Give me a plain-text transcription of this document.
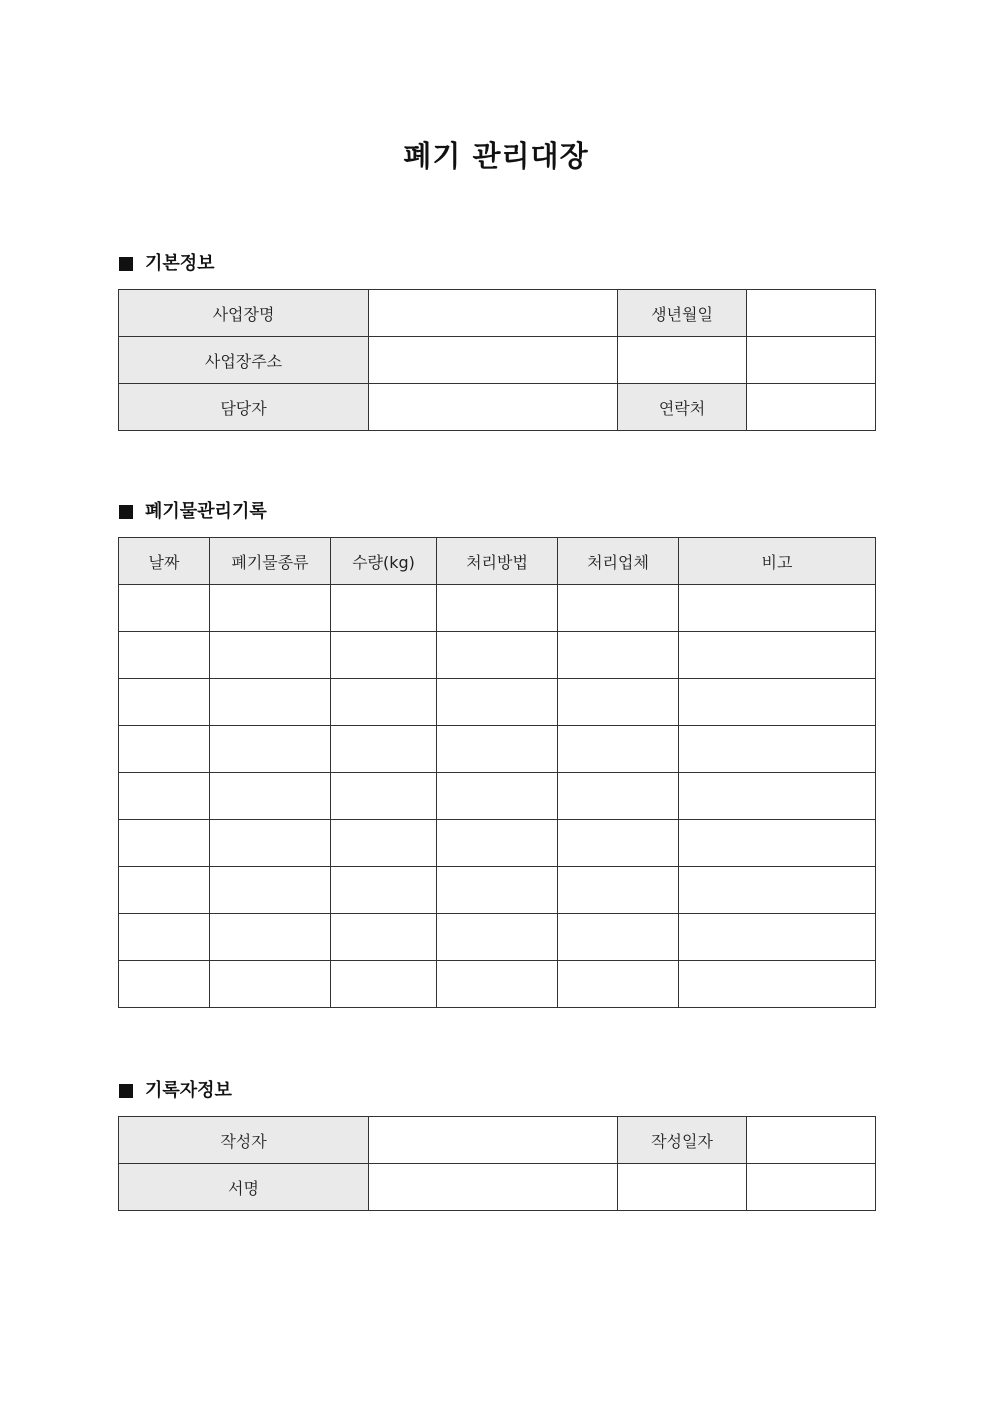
폐기 관리대장
기본정보
사업장명		생년월일	
사업장주소			
담당자		연락처	
폐기물관리기록
날짜	폐기물종류	수량(kg)	처리방법	처리업체	비고

기록자정보
작성자		작성일자	
서명			
